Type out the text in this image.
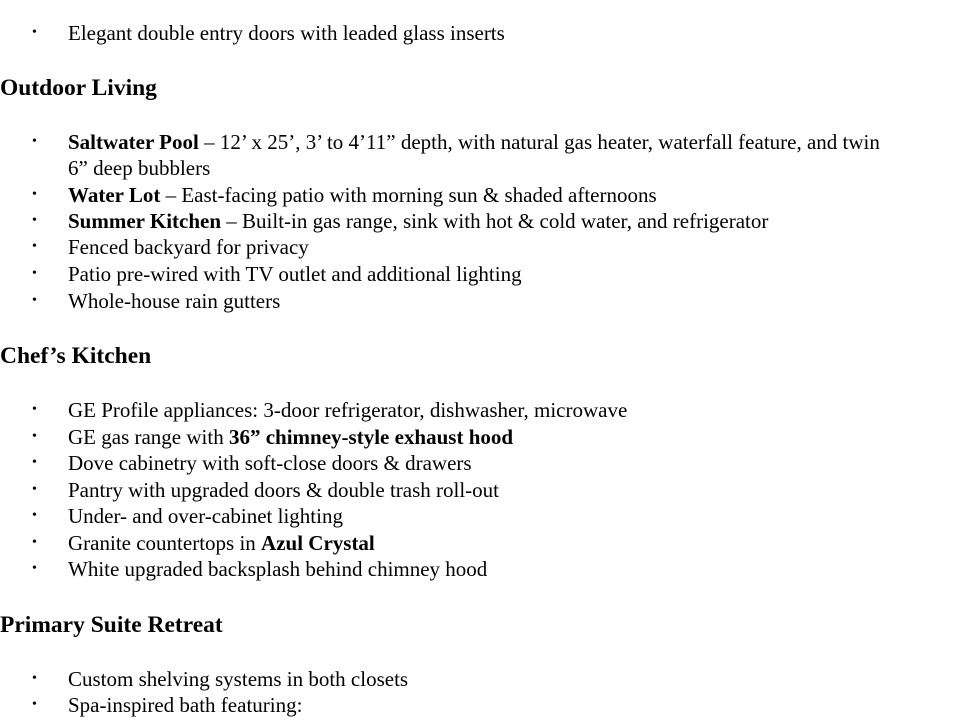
• Elegant double entry doors with leaded glass inserts
Outdoor Living
• Saltwater Pool – 12’ x 25’, 3’ to 4’11” depth, with natural gas heater, waterfall feature, and twin
6” deep bubblers
• Water Lot – East-facing patio with morning sun & shaded afternoons
• Summer Kitchen – Built-in gas range, sink with hot & cold water, and refrigerator
• Fenced backyard for privacy
• Patio pre-wired with TV outlet and additional lighting
• Whole-house rain gutters
Chef’s Kitchen
• GE Profile appliances: 3-door refrigerator, dishwasher, microwave
• GE gas range with 36” chimney-style exhaust hood
• Dove cabinetry with soft-close doors & drawers
• Pantry with upgraded doors & double trash roll-out
• Under- and over-cabinet lighting
• Granite countertops in Azul Crystal
• White upgraded backsplash behind chimney hood
Primary Suite Retreat
• Custom shelving systems in both closets
• Spa-inspired bath featuring:
